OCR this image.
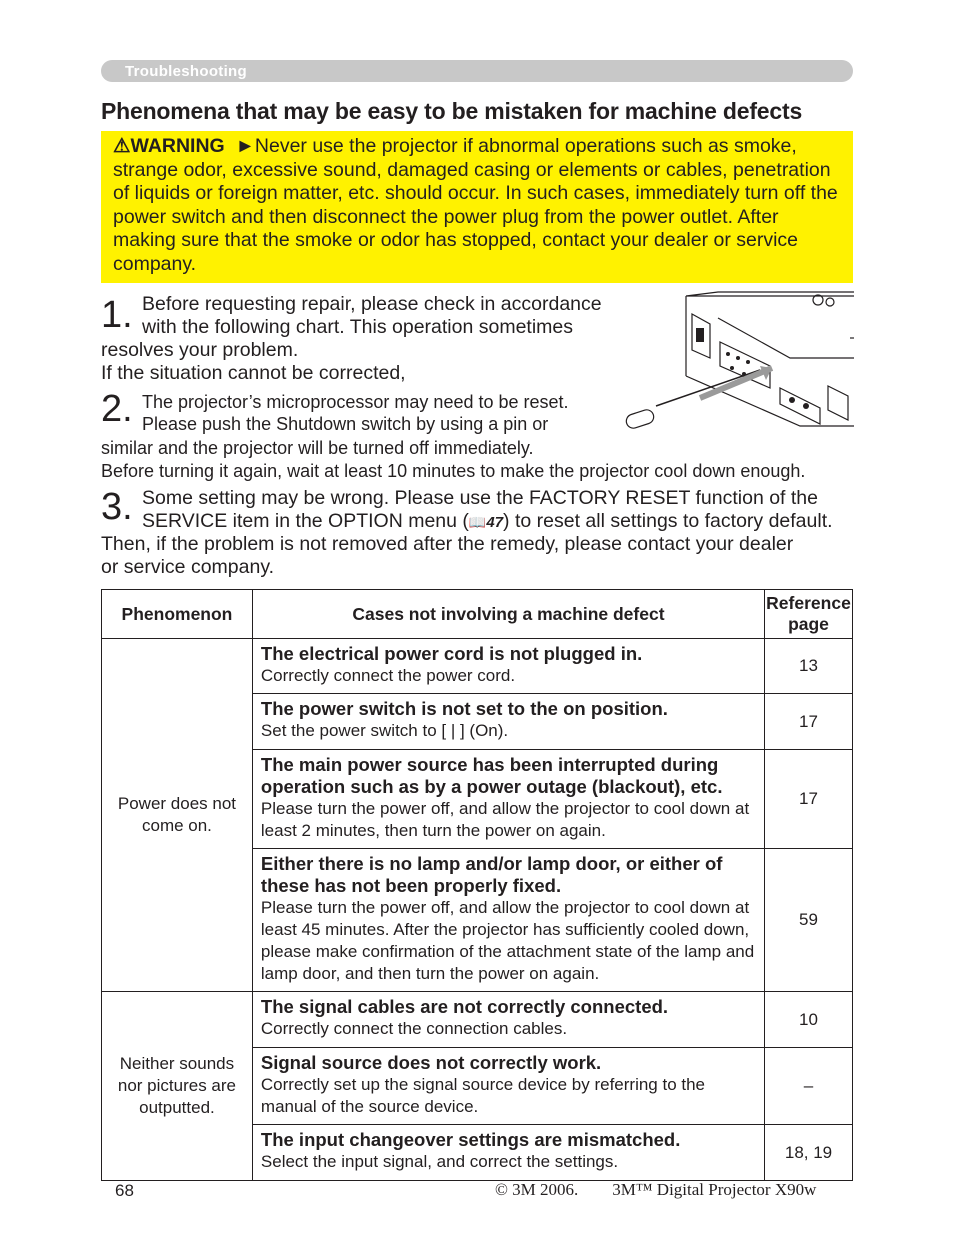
Troubleshooting
Phenomena that may be easy to be mistaken for machine defects
⚠WARNING ►Never use the projector if abnormal operations such as smoke, strange odor, excessive sound, damaged casing or elements or cables, penetration of liquids or foreign matter, etc. should occur. In such cases, immediately turn off the power switch and then disconnect the power plug from the power outlet. After making sure that the smoke or odor has stopped, contact your dealer or service company.
1. Before requesting repair, please check in accordance
with the following chart. This operation sometimes
resolves your problem.
If the situation cannot be corrected,
2. The projector’s microprocessor may need to be reset.
Please push the Shutdown switch by using a pin or
similar and the projector will be turned off immediately.
Before turning it again, wait at least 10 minutes to make the projector cool down enough.
3. Some setting may be wrong. Please use the FACTORY RESET function of the
SERVICE item in the OPTION menu (📖47) to reset all settings to factory default.
Then, if the problem is not removed after the remedy, please contact your dealer
or service company.
Phenomenon	Cases not involving a machine defect	Reference
page
Power does not come on.	The electrical power cord is not plugged in.
Correctly connect the power cord.	13

	The power switch is not set to the on position.
Set the power switch to [ | ] (On).	17

	The main power source has been interrupted during operation such as by a power outage (blackout), etc.
Please turn the power off, and allow the projector to cool down at least 2 minutes, then turn the power on again.	17

	Either there is no lamp and/or lamp door, or either of these has not been properly fixed.
Please turn the power off, and allow the projector to cool down at least 45 minutes. After the projector has sufficiently cooled down, please make confirmation of the attachment state of the lamp and lamp door, and then turn the power on again.	59
Neither sounds nor pictures are outputted.	The signal cables are not correctly connected.
Correctly connect the connection cables.	10

	Signal source does not correctly work.
Correctly set up the signal source device by referring to the manual of the source device.	–

	The input changeover settings are mismatched.
Select the input signal, and correct the settings.	18, 19
68	© 3M 2006.        3M™ Digital Projector X90w
